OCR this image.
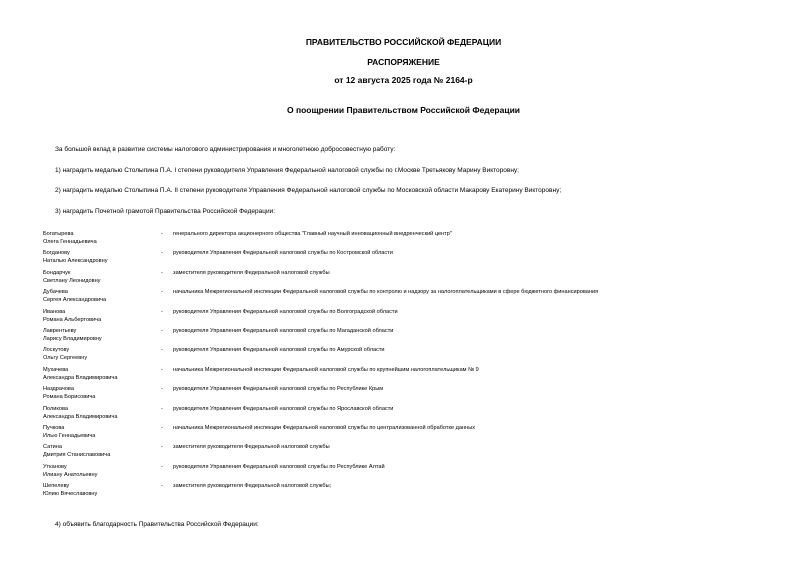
ПРАВИТЕЛЬСТВО РОССИЙСКОЙ ФЕДЕРАЦИИ
РАСПОРЯЖЕНИЕ
от 12 августа 2025 года № 2164-р
О поощрении Правительством Российской Федерации
За большой вклад в развитие системы налогового администрирования и многолетнюю добросовестную работу:
1) наградить медалью Столыпина П.А. I степени руководителя Управления Федеральной налоговой службы по г.Москве Третьякову Марину Викторовну;
2) наградить медалью Столыпина П.А. II степени руководителя Управления Федеральной налоговой службы по Московской области Макарову Екатерину Викторовну;
3) наградить Почетной грамотой Правительства Российской Федерации:
Богатырева
Олега Геннадьевича
- генерального директора акционерного общества "Главный научный инновационный внедренческий центр"
Богданову
Наталью Александровну
- руководителя Управления Федеральной налоговой службы по Костромской области
Бондарчук
Светлану Леонидовну
- заместителя руководителя Федеральной налоговой службы
Дубачева
Сергея Александровича
- начальника Межрегиональной инспекции Федеральной налоговой службы по контролю и надзору за налогоплательщиками в сфере бюджетного финансирования
Иванова
Романа Альбертовича
- руководителя Управления Федеральной налоговой службы по Волгоградской области
Лаврентьеву
Ларису Владимировну
- руководителя Управления Федеральной налоговой службы по Магаданской области
Лоскутову
Ольгу Сергеевну
- руководителя Управления Федеральной налоговой службы по Амурской области
Мухачева
Александра Владимировича
- начальника Межрегиональной инспекции Федеральной налоговой службы по крупнейшим налогоплательщикам № 9
Наздрачова
Романа Борисовича
- руководителя Управления Федеральной налоговой службы по Республике Крым
Поликова
Александра Владимировича
- руководителя Управления Федеральной налоговой службы по Ярославской области
Пучкова
Илью Геннадьевича
- начальника Межрегиональной инспекции Федеральной налоговой службы по централизованной обработке данных
Сатина
Дмитрия Станиславовича
- заместителя руководителя Федеральной налоговой службы
Утканову
Илиану Анатольевну
- руководителя Управления Федеральной налоговой службы по Республике Алтай
Шепелеву
Юлию Вячеславовну
- заместителя руководителя Федеральной налоговой службы;
4) объявить благодарность Правительства Российской Федерации:
